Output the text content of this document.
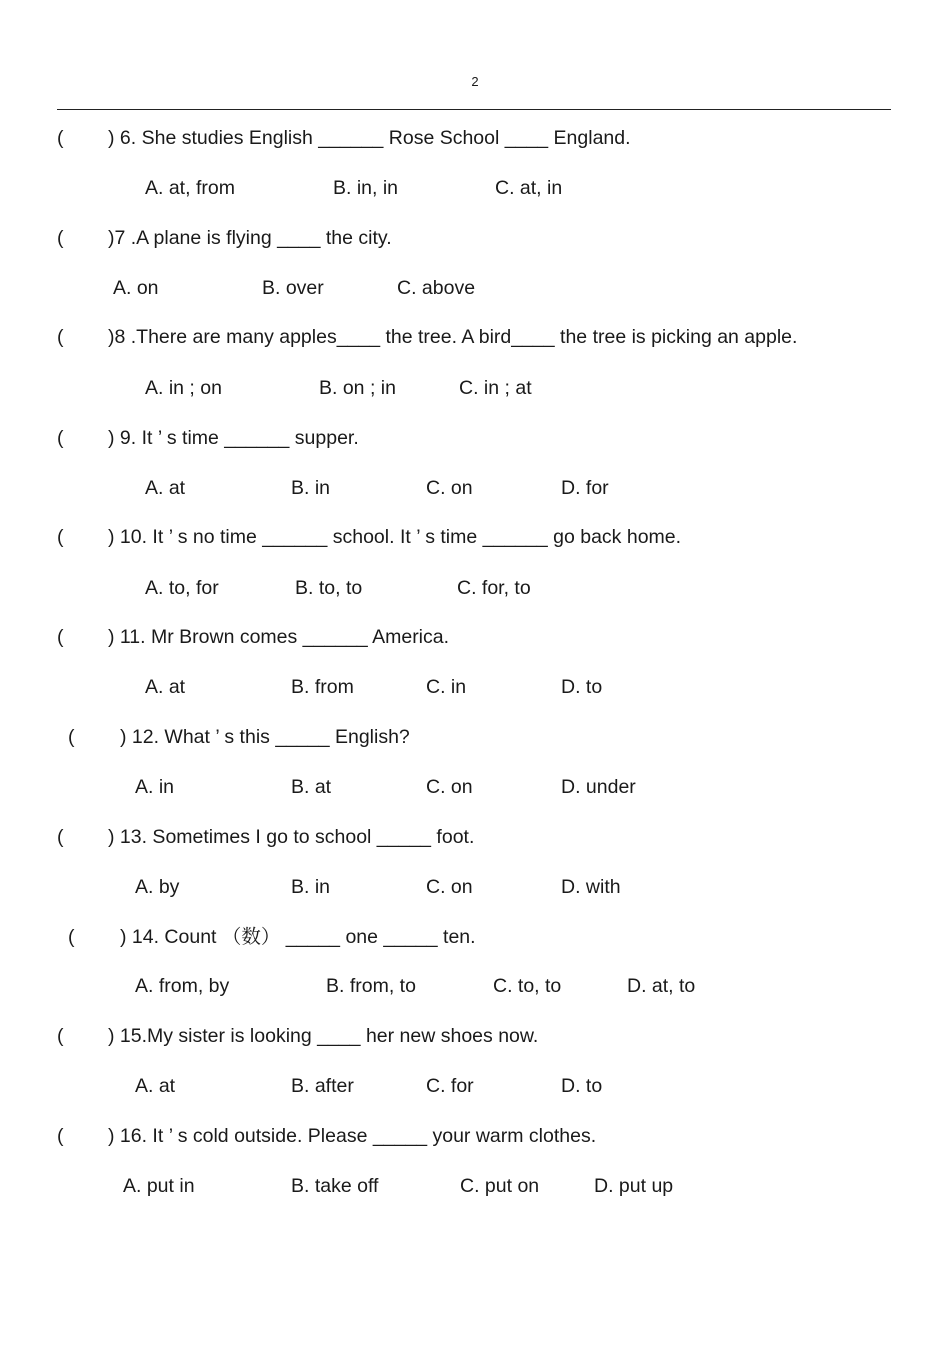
2
( ) 6. She studies English ______ Rose School ____ England.
A. at, from	B. in, in	C. at, in
( )7 .A plane is flying ____ the city.
A. on	B. over	C. above
( )8 .There are many apples____ the tree. A bird____ the tree is picking an apple.
A. in ; on	B. on ; in	C. in ; at
( ) 9. It ’ s time ______ supper.
A. at	B. in	C. on	D. for
( ) 10. It ’ s no time ______ school. It ’ s time ______ go back home.
A. to, for	B. to, to	C. for, to
( ) 11. Mr Brown comes ______ America.
A. at	B. from	C. in	D. to
( ) 12. What ’ s this _____ English?
A. in	B. at	C. on	D. under
( ) 13. Sometimes I go to school _____ foot.
A. by	B. in	C. on	D. with
( ) 14. Count （数） _____ one _____ ten.
A. from, by	B. from, to	C. to, to	D. at, to
( ) 15.My sister is looking ____ her new shoes now.
A. at	B. after	C. for	D. to
( ) 16. It ’ s cold outside. Please _____ your warm clothes.
A. put in	B. take off	C. put on	D. put up
